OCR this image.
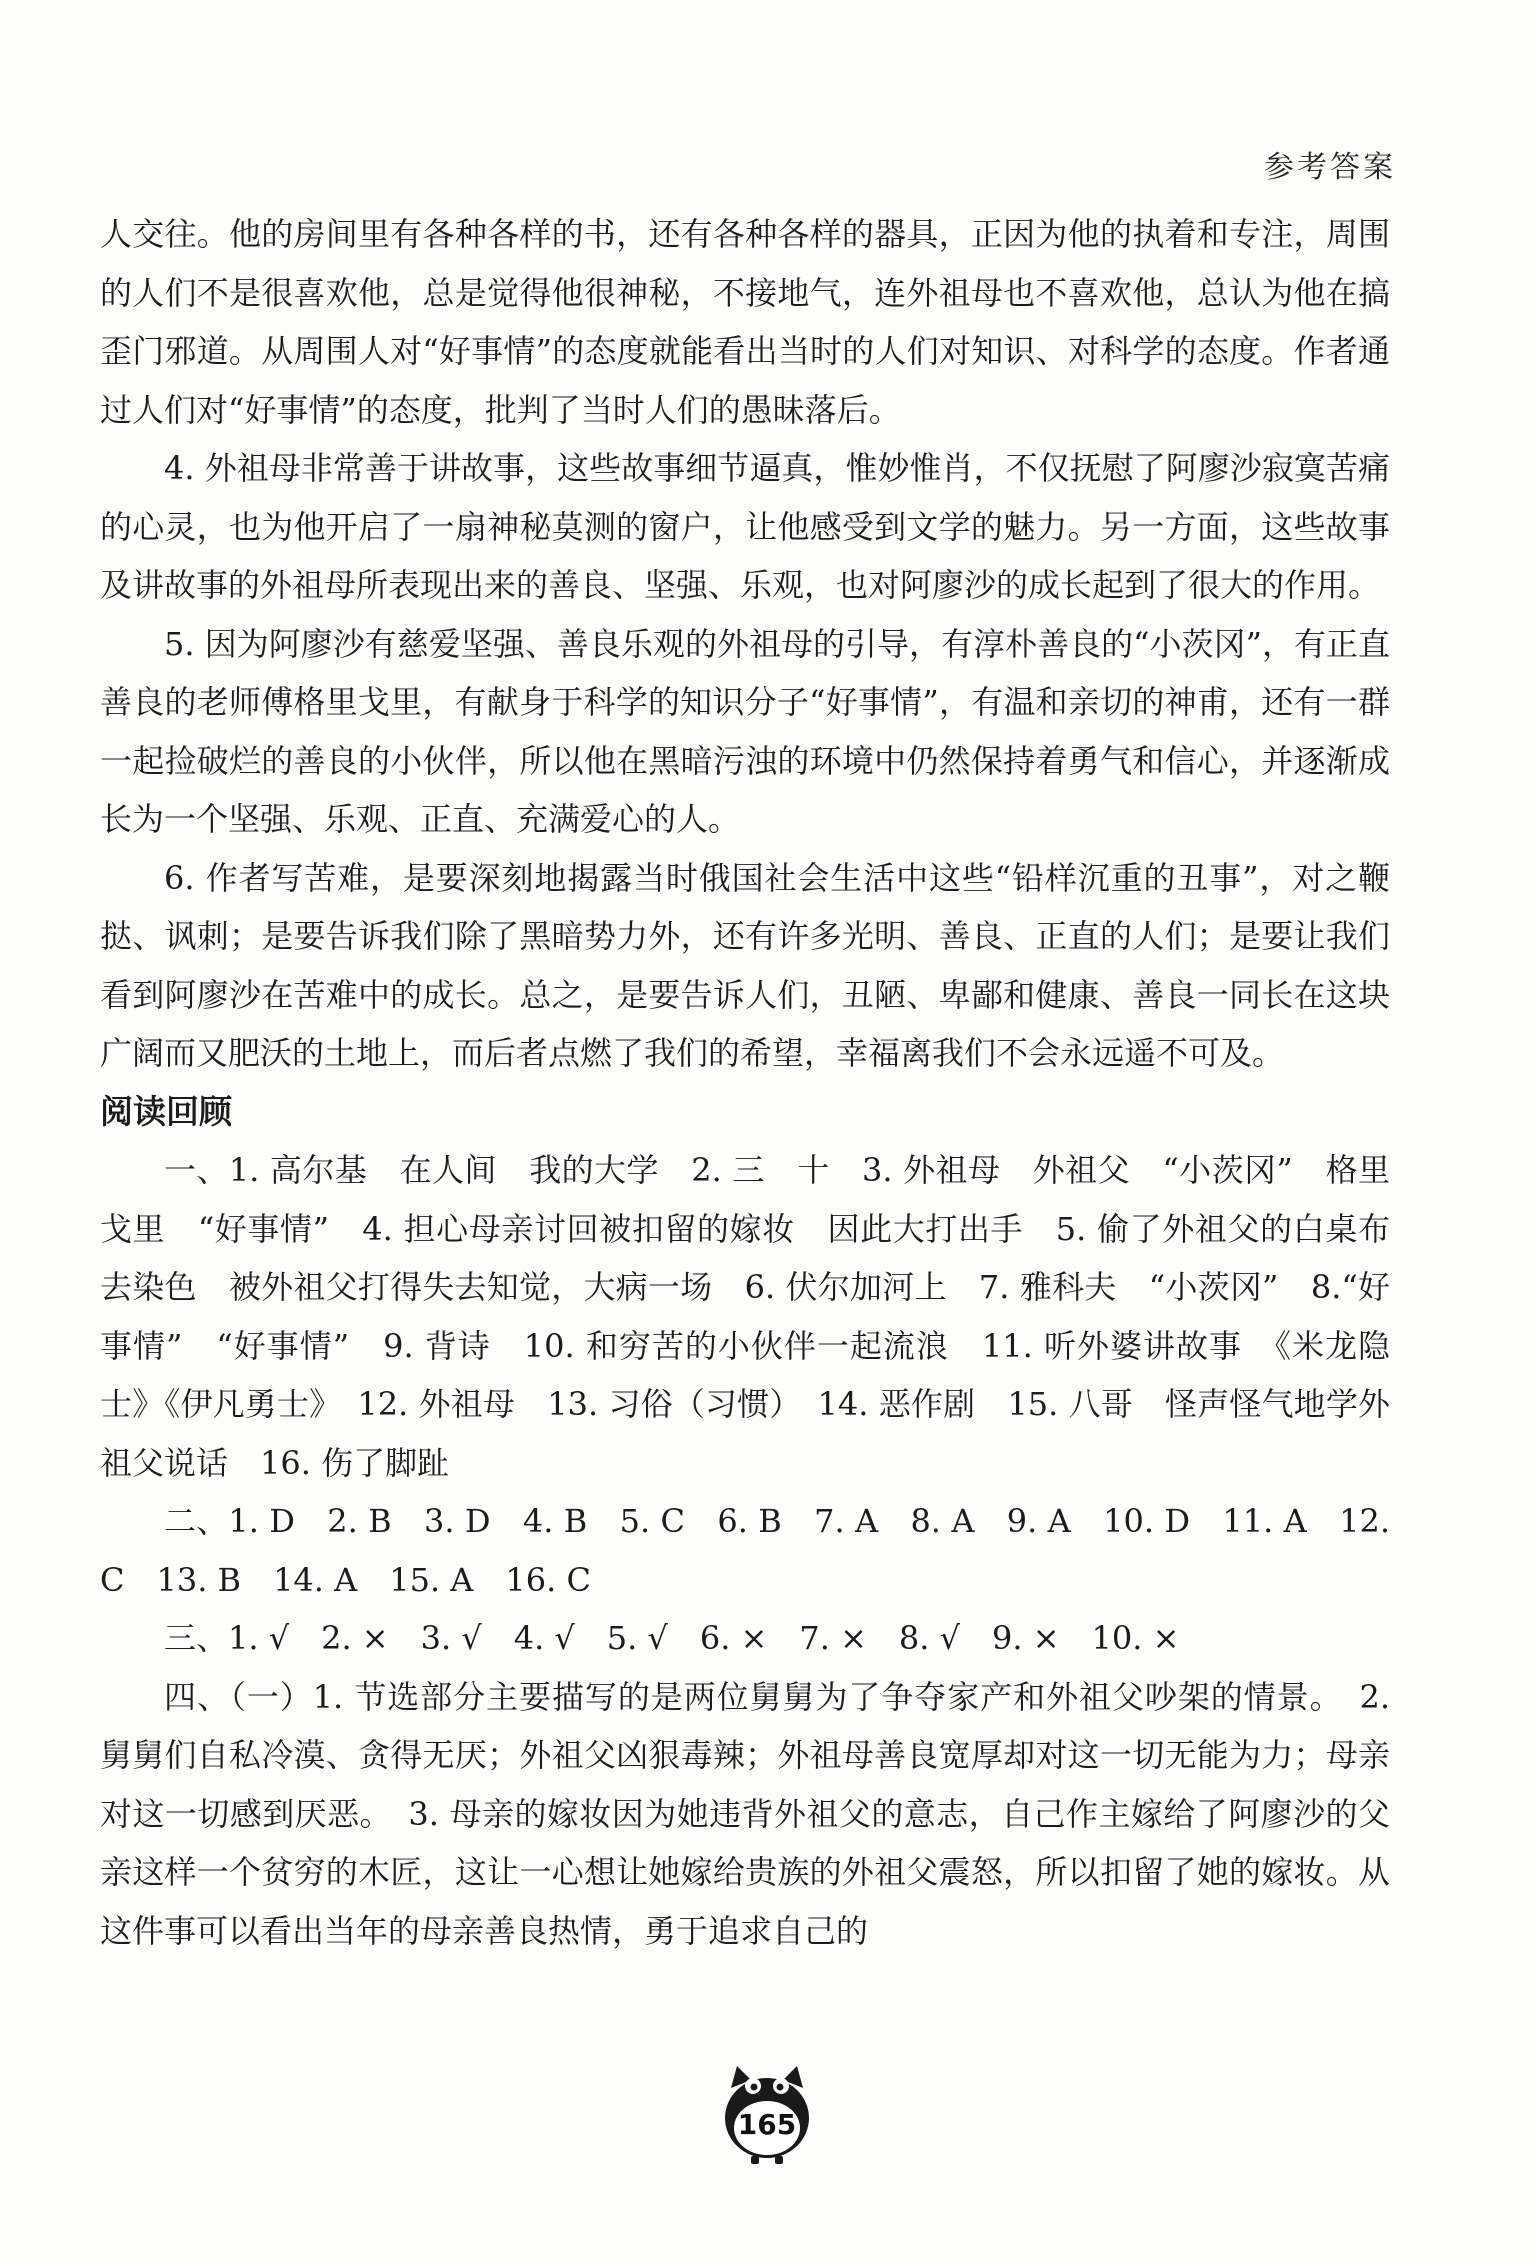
参考答案

人交往。他的房间里有各种各样的书，还有各种各样的器具，正因为他的执着和专注，周围的人们不是很喜欢他，总是觉得他很神秘，不接地气，连外祖母也不喜欢他，总认为他在搞歪门邪道。从周围人对“好事情”的态度就能看出当时的人们对知识、对科学的态度。作者通过人们对“好事情”的态度，批判了当时人们的愚昧落后。

4. 外祖母非常善于讲故事，这些故事细节逼真，惟妙惟肖，不仅抚慰了阿廖沙寂寞苦痛的心灵，也为他开启了一扇神秘莫测的窗户，让他感受到文学的魅力。另一方面，这些故事及讲故事的外祖母所表现出来的善良、坚强、乐观，也对阿廖沙的成长起到了很大的作用。

5. 因为阿廖沙有慈爱坚强、善良乐观的外祖母的引导，有淳朴善良的“小茨冈”，有正直善良的老师傅格里戈里，有献身于科学的知识分子“好事情”，有温和亲切的神甫，还有一群一起捡破烂的善良的小伙伴，所以他在黑暗污浊的环境中仍然保持着勇气和信心，并逐渐成长为一个坚强、乐观、正直、充满爱心的人。

6. 作者写苦难，是要深刻地揭露当时俄国社会生活中这些“铅样沉重的丑事”，对之鞭挞、讽刺；是要告诉我们除了黑暗势力外，还有许多光明、善良、正直的人们；是要让我们看到阿廖沙在苦难中的成长。总之，是要告诉人们，丑陋、卑鄙和健康、善良一同长在这块广阔而又肥沃的土地上，而后者点燃了我们的希望，幸福离我们不会永远遥不可及。

阅读回顾

一、1. 高尔基　在人间　我的大学　2. 三　十　3. 外祖母　外祖父　“小茨冈”　格里戈里　“好事情”　4. 担心母亲讨回被扣留的嫁妆　因此大打出手　5. 偷了外祖父的白桌布去染色　被外祖父打得失去知觉，大病一场　6. 伏尔加河上　7. 雅科夫　“小茨冈”　8.“好事情”　“好事情”　9. 背诗　10. 和穷苦的小伙伴一起流浪　11. 听外婆讲故事　《米龙隐士》《伊凡勇士》　12. 外祖母　13. 习俗（习惯）　14. 恶作剧　15. 八哥　怪声怪气地学外祖父说话　16. 伤了脚趾

二、1. D　2. B　3. D　4. B　5. C　6. B　7. A　8. A　9. A　10. D　11. A　12. C　13. B　14. A　15. A　16. C

三、1. √　2. ×　3. √　4. √　5. √　6. ×　7. ×　8. √　9. ×　10. ×

四、（一）1. 节选部分主要描写的是两位舅舅为了争夺家产和外祖父吵架的情景。　2. 舅舅们自私冷漠、贪得无厌；外祖父凶狠毒辣；外祖母善良宽厚却对这一切无能为力；母亲对这一切感到厌恶。　3. 母亲的嫁妆因为她违背外祖父的意志，自己作主嫁给了阿廖沙的父亲这样一个贫穷的木匠，这让一心想让她嫁给贵族的外祖父震怒，所以扣留了她的嫁妆。从这件事可以看出当年的母亲善良热情，勇于追求自己的

165
